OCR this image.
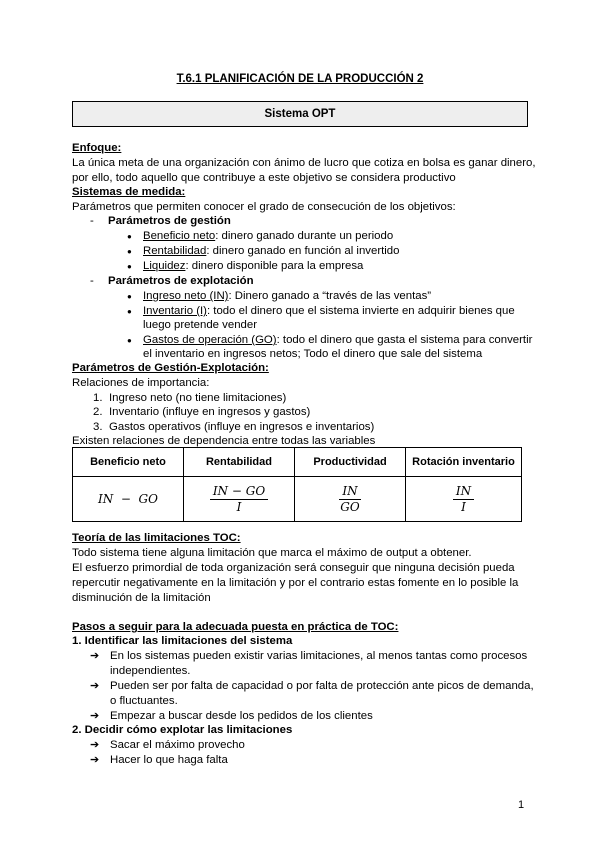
T.6.1 PLANIFICACIÓN DE LA PRODUCCIÓN 2
Sistema OPT
Enfoque:
La única meta de una organización con ánimo de lucro que cotiza en bolsa es ganar dinero,
por ello, todo aquello que contribuye a este objetivo se considera productivo
Sistemas de medida:
Parámetros que permiten conocer el grado de consecución de los objetivos:
- Parámetros de gestión
● Beneficio neto: dinero ganado durante un periodo
● Rentabilidad: dinero ganado en función al invertido
● Liquidez: dinero disponible para la empresa
- Parámetros de explotación
● Ingreso neto (IN): Dinero ganado a “través de las ventas”
● Inventario (I): todo el dinero que el sistema invierte en adquirir bienes que
luego pretende vender
● Gastos de operación (GO): todo el dinero que gasta el sistema para convertir
el inventario en ingresos netos; Todo el dinero que sale del sistema
Parámetros de Gestión-Explotación:
Relaciones de importancia:
1. Ingreso neto (no tiene limitaciones)
2. Inventario (influye en ingresos y gastos)
3. Gastos operativos (influye en ingresos e inventarios)
Existen relaciones de dependencia entre todas las variables
Beneficio neto	Rentabilidad	Productividad	Rotación inventario
IN  −  GO	$\frac{IN - GO}{I}$	$\frac{IN}{GO}$	$\frac{IN}{I}$
Teoría de las limitaciones TOC:
Todo sistema tiene alguna limitación que marca el máximo de output a obtener.
El esfuerzo primordial de toda organización será conseguir que ninguna decisión pueda
repercutir negativamente en la limitación y por el contrario estas fomente en lo posible la
disminución de la limitación
Pasos a seguir para la adecuada puesta en práctica de TOC:
1. Identificar las limitaciones del sistema
➔ En los sistemas pueden existir varias limitaciones, al menos tantas como procesos
independientes.
➔ Pueden ser por falta de capacidad o por falta de protección ante picos de demanda,
o fluctuantes.
➔ Empezar a buscar desde los pedidos de los clientes
2. Decidir cómo explotar las limitaciones
➔ Sacar el máximo provecho
➔ Hacer lo que haga falta
1
